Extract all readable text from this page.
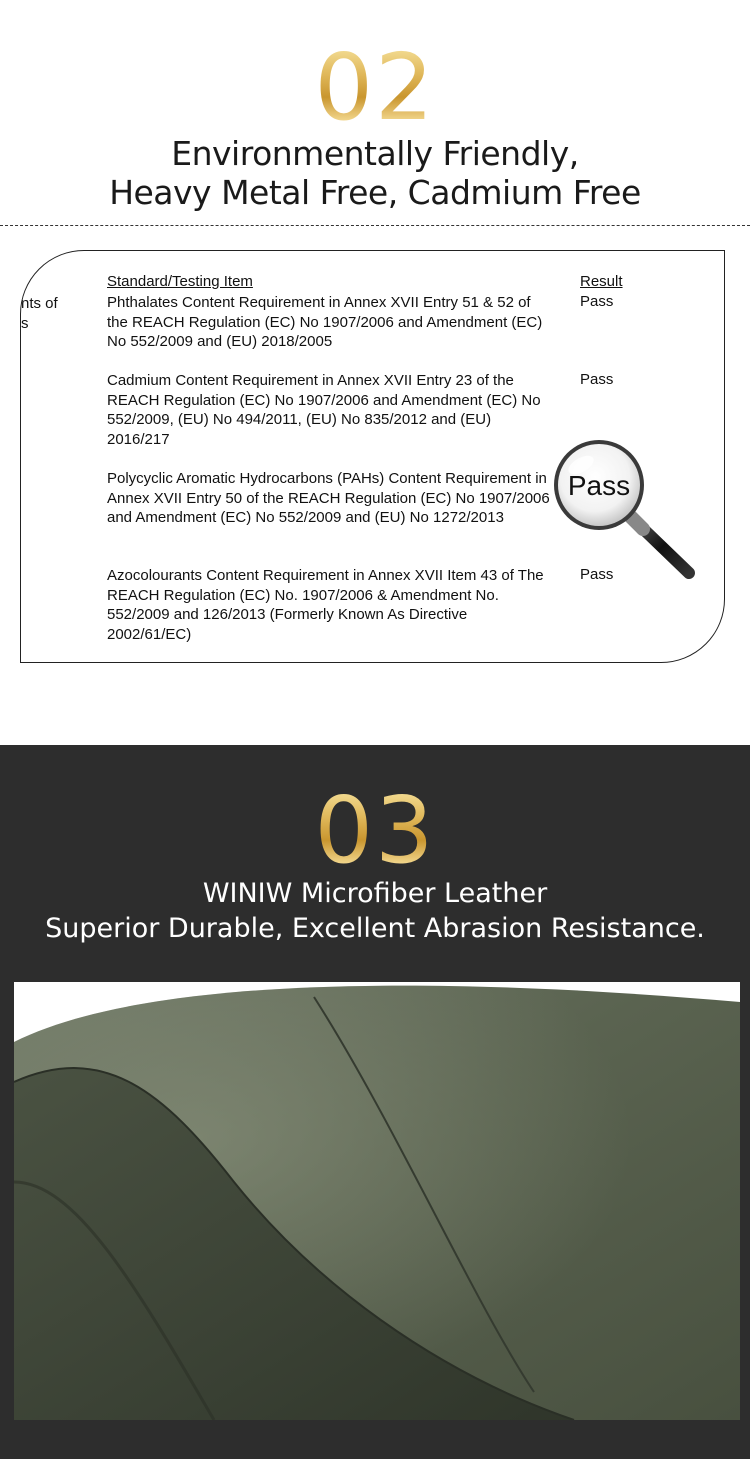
02
Environmentally Friendly,
Heavy Metal Free, Cadmium Free
nts of
s
Standard/Testing Item	Result
Phthalates Content Requirement in Annex XVII Entry 51 & 52 of the REACH Regulation (EC) No 1907/2006 and Amendment (EC) No 552/2009 and (EU) 2018/2005
Pass
Cadmium Content Requirement in Annex XVII Entry 23 of the REACH Regulation (EC) No 1907/2006 and Amendment (EC) No 552/2009, (EU) No 494/2011, (EU) No 835/2012 and (EU) 2016/217
Pass
Polycyclic Aromatic Hydrocarbons (PAHs) Content Requirement in Annex XVII Entry 50 of the REACH Regulation (EC) No 1907/2006 and Amendment (EC) No 552/2009 and (EU) No 1272/2013
Azocolourants Content Requirement in Annex XVII Item 43 of The REACH Regulation (EC) No. 1907/2006 & Amendment No. 552/2009 and 126/2013 (Formerly Known As Directive 2002/61/EC)
Pass
Pass
03
WINIW Microfiber Leather
Superior Durable, Excellent Abrasion Resistance.
